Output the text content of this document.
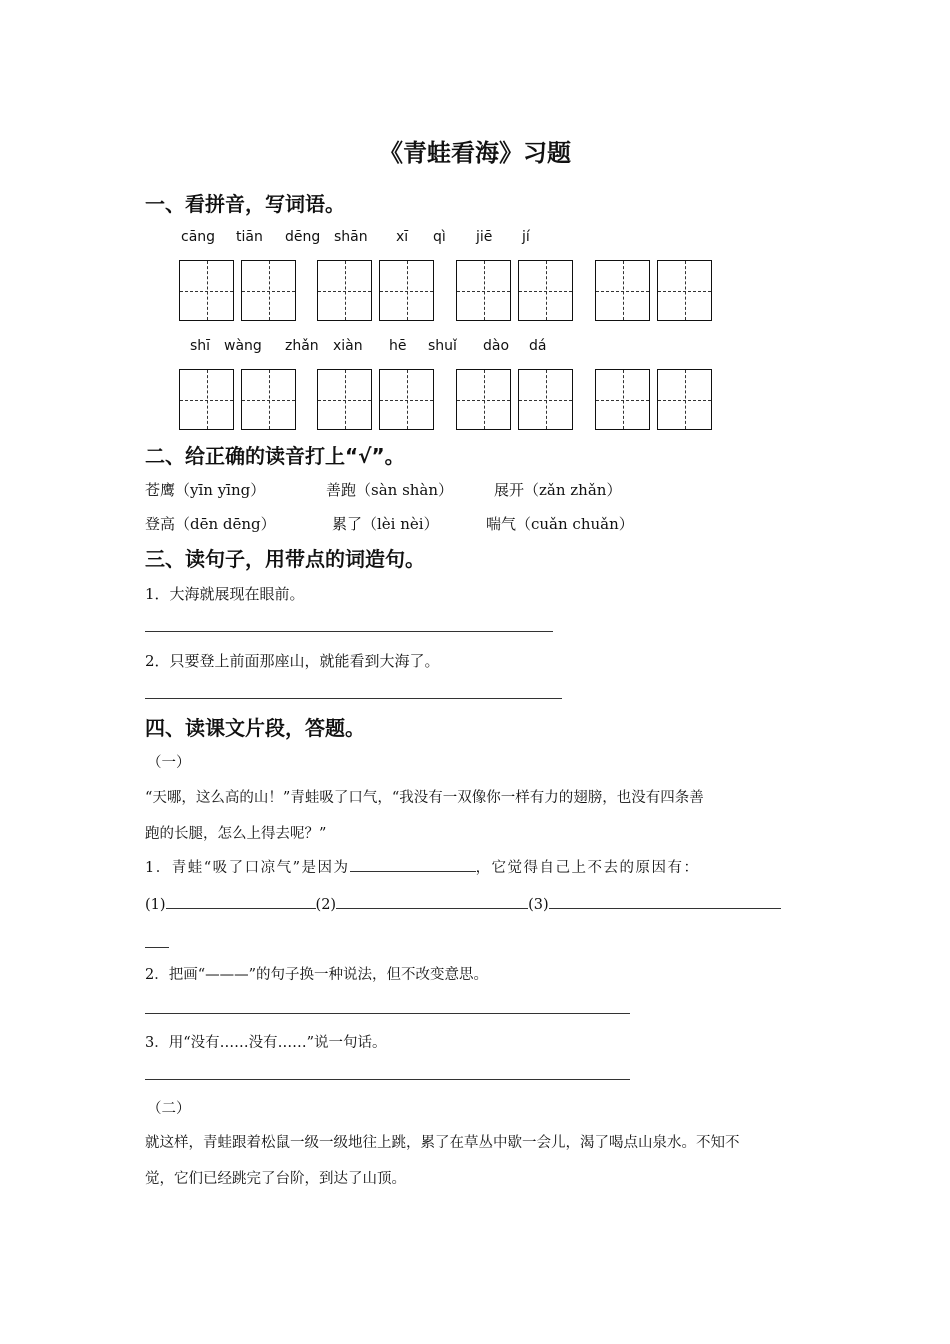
《青蛙看海》习题
一、看拼音，写词语。
cāng tiān dēng shān xī qì jiē jí
shī wàng zhǎn xiàn hē shuǐ dào dá
二、给正确的读音打上“√”。
苍鹰（yīn yīng）	善跑（sàn shàn）	展开（zǎn zhǎn）
登高（dēn dēng）	累了（lèi nèi）	喘气（cuǎn chuǎn）
三、读句子，用带点的词造句。
1．大海就展现在眼前。
2．只要登上前面那座山，就能看到大海了。
四、读课文片段，答题。
（一）
“天哪，这么高的山！”青蛙吸了口气，“我没有一双像你一样有力的翅膀，也没有四条善
跑的长腿，怎么上得去呢？”
1．青蛙“吸了口凉气”是因为	，它觉得自己上不去的原因有：
(1)	(2)	(3)
2．把画“———”的句子换一种说法，但不改变意思。
3．用“没有……没有……”说一句话。
（二）
就这样，青蛙跟着松鼠一级一级地往上跳，累了在草丛中歇一会儿，渴了喝点山泉水。不知不
觉，它们已经跳完了台阶，到达了山顶。
